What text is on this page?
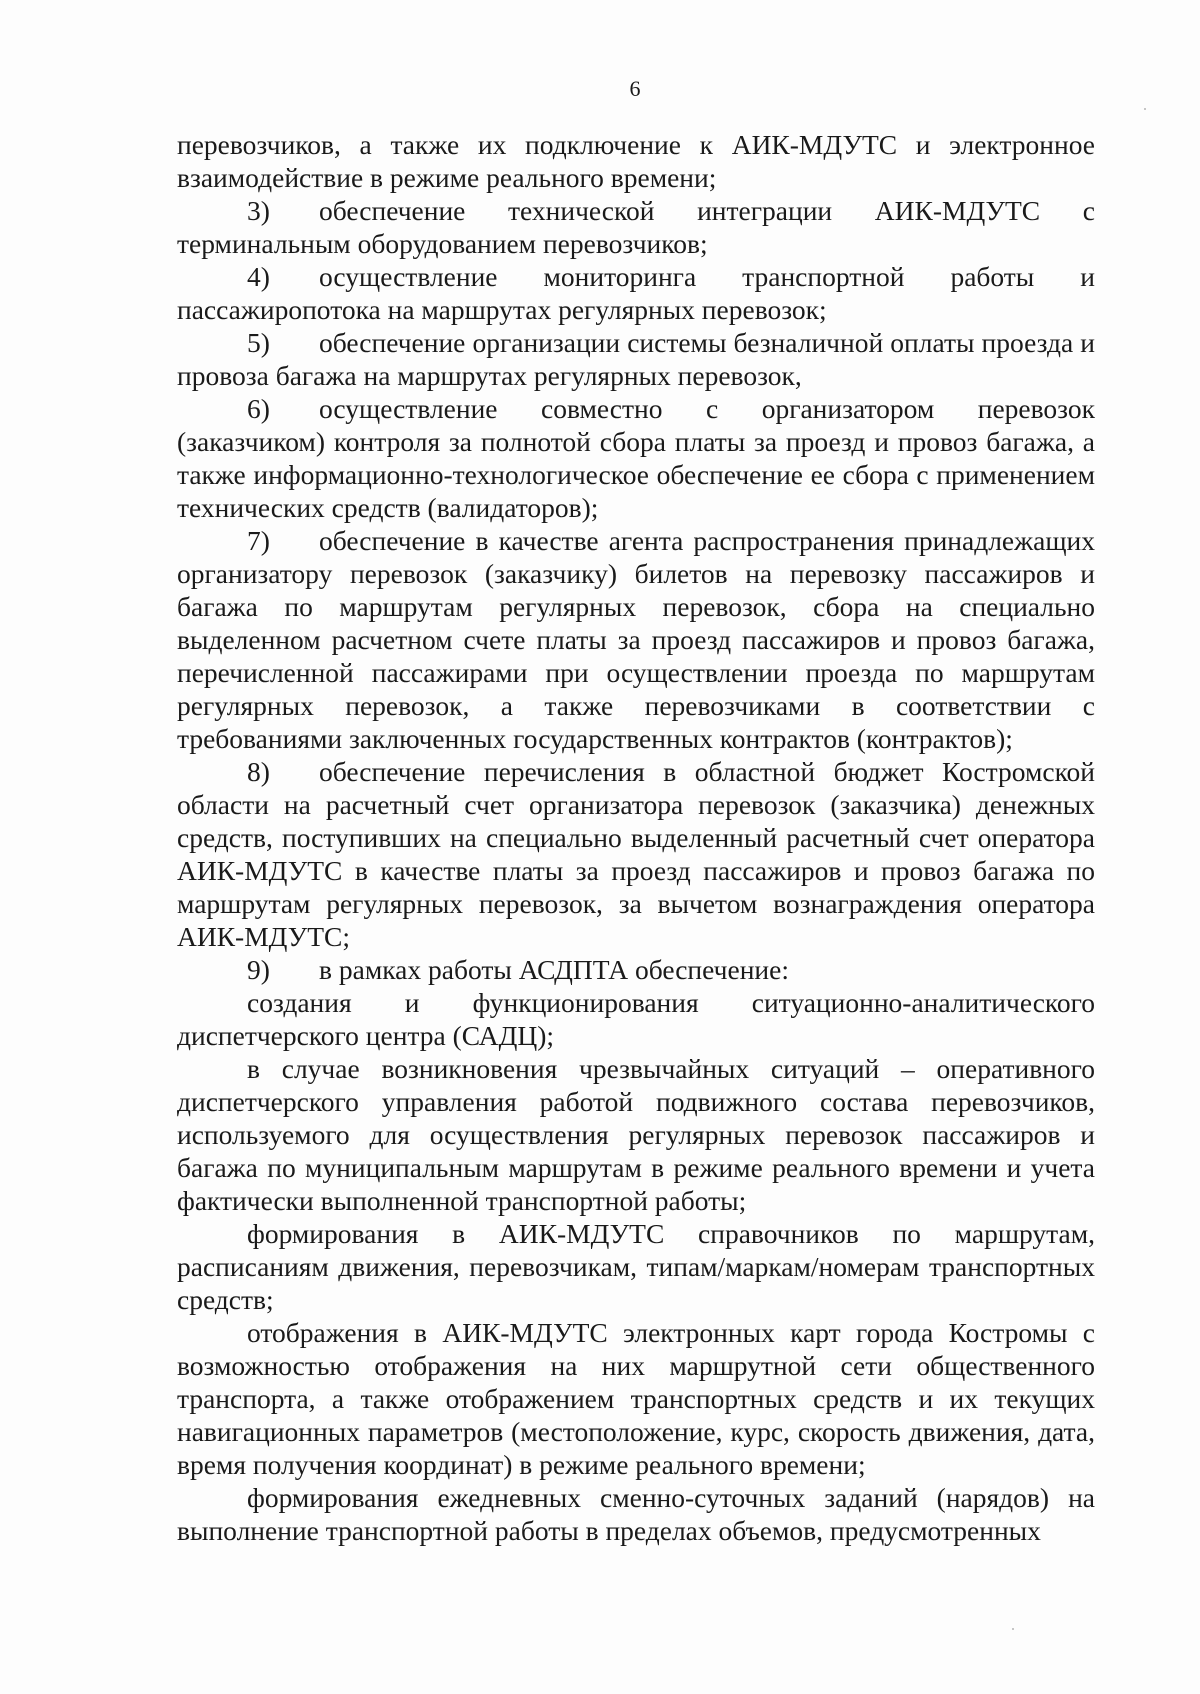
6

перевозчиков, а также их подключение к АИК-МДУТС и электронное взаимодействие в режиме реального времени;

3) обеспечение технической интеграции АИК-МДУТС с терминальным оборудованием перевозчиков;

4) осуществление мониторинга транспортной работы и пассажиропотока на маршрутах регулярных перевозок;

5) обеспечение организации системы безналичной оплаты проезда и провоза багажа на маршрутах регулярных перевозок,

6) осуществление совместно с организатором перевозок (заказчиком) контроля за полнотой сбора платы за проезд и провоз багажа, а также информационно-технологическое обеспечение ее сбора с применением технических средств (валидаторов);

7) обеспечение в качестве агента распространения принадлежащих организатору перевозок (заказчику) билетов на перевозку пассажиров и багажа по маршрутам регулярных перевозок, сбора на специально выделенном расчетном счете платы за проезд пассажиров и провоз багажа, перечисленной пассажирами при осуществлении проезда по маршрутам регулярных перевозок, а также перевозчиками в соответствии с требованиями заключенных государственных контрактов (контрактов);

8) обеспечение перечисления в областной бюджет Костромской области на расчетный счет организатора перевозок (заказчика) денежных средств, поступивших на специально выделенный расчетный счет оператора АИК-МДУТС в качестве платы за проезд пассажиров и провоз багажа по маршрутам регулярных перевозок, за вычетом вознаграждения оператора АИК-МДУТС;

9) в рамках работы АСДПТА обеспечение:

создания и функционирования ситуационно-аналитического диспетчерского центра (САДЦ);

в случае возникновения чрезвычайных ситуаций – оперативного диспетчерского управления работой подвижного состава перевозчиков, используемого для осуществления регулярных перевозок пассажиров и багажа по муниципальным маршрутам в режиме реального времени и учета фактически выполненной транспортной работы;

формирования в АИК-МДУТС справочников по маршрутам, расписаниям движения, перевозчикам, типам/маркам/номерам транспортных средств;

отображения в АИК-МДУТС электронных карт города Костромы с возможностью отображения на них маршрутной сети общественного транспорта, а также отображением транспортных средств и их текущих навигационных параметров (местоположение, курс, скорость движения, дата, время получения координат) в режиме реального времени;

формирования ежедневных сменно-суточных заданий (нарядов) на выполнение транспортной работы в пределах объемов, предусмотренных
